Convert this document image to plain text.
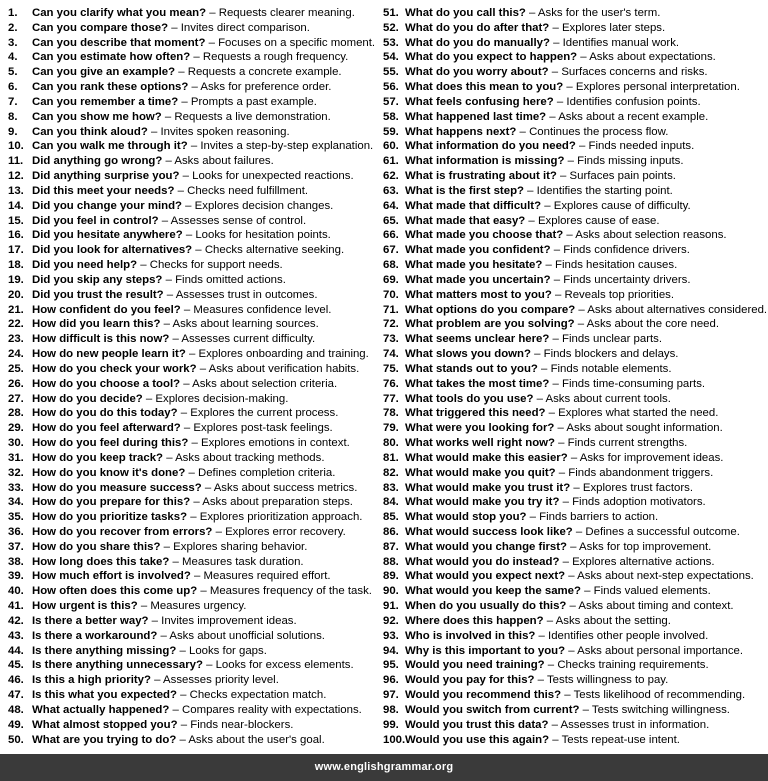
1. Can you clarify what you mean? – Requests clearer meaning.
2. Can you compare those? – Invites direct comparison.
3. Can you describe that moment? – Focuses on a specific moment.
4. Can you estimate how often? – Requests a rough frequency.
5. Can you give an example? – Requests a concrete example.
6. Can you rank these options? – Asks for preference order.
7. Can you remember a time? – Prompts a past example.
8. Can you show me how? – Requests a live demonstration.
9. Can you think aloud? – Invites spoken reasoning.
10. Can you walk me through it? – Invites a step-by-step explanation.
11. Did anything go wrong? – Asks about failures.
12. Did anything surprise you? – Looks for unexpected reactions.
13. Did this meet your needs? – Checks need fulfillment.
14. Did you change your mind? – Explores decision changes.
15. Did you feel in control? – Assesses sense of control.
16. Did you hesitate anywhere? – Looks for hesitation points.
17. Did you look for alternatives? – Checks alternative seeking.
18. Did you need help? – Checks for support needs.
19. Did you skip any steps? – Finds omitted actions.
20. Did you trust the result? – Assesses trust in outcomes.
21. How confident do you feel? – Measures confidence level.
22. How did you learn this? – Asks about learning sources.
23. How difficult is this now? – Assesses current difficulty.
24. How do new people learn it? – Explores onboarding and training.
25. How do you check your work? – Asks about verification habits.
26. How do you choose a tool? – Asks about selection criteria.
27. How do you decide? – Explores decision-making.
28. How do you do this today? – Explores the current process.
29. How do you feel afterward? – Explores post-task feelings.
30. How do you feel during this? – Explores emotions in context.
31. How do you keep track? – Asks about tracking methods.
32. How do you know it's done? – Defines completion criteria.
33. How do you measure success? – Asks about success metrics.
34. How do you prepare for this? – Asks about preparation steps.
35. How do you prioritize tasks? – Explores prioritization approach.
36. How do you recover from errors? – Explores error recovery.
37. How do you share this? – Explores sharing behavior.
38. How long does this take? – Measures task duration.
39. How much effort is involved? – Measures required effort.
40. How often does this come up? – Measures frequency of the task.
41. How urgent is this? – Measures urgency.
42. Is there a better way? – Invites improvement ideas.
43. Is there a workaround? – Asks about unofficial solutions.
44. Is there anything missing? – Looks for gaps.
45. Is there anything unnecessary? – Looks for excess elements.
46. Is this a high priority? – Assesses priority level.
47. Is this what you expected? – Checks expectation match.
48. What actually happened? – Compares reality with expectations.
49. What almost stopped you? – Finds near-blockers.
50. What are you trying to do? – Asks about the user's goal.
51. What do you call this? – Asks for the user's term.
52. What do you do after that? – Explores later steps.
53. What do you do manually? – Identifies manual work.
54. What do you expect to happen? – Asks about expectations.
55. What do you worry about? – Surfaces concerns and risks.
56. What does this mean to you? – Explores personal interpretation.
57. What feels confusing here? – Identifies confusion points.
58. What happened last time? – Asks about a recent example.
59. What happens next? – Continues the process flow.
60. What information do you need? – Finds needed inputs.
61. What information is missing? – Finds missing inputs.
62. What is frustrating about it? – Surfaces pain points.
63. What is the first step? – Identifies the starting point.
64. What made that difficult? – Explores cause of difficulty.
65. What made that easy? – Explores cause of ease.
66. What made you choose that? – Asks about selection reasons.
67. What made you confident? – Finds confidence drivers.
68. What made you hesitate? – Finds hesitation causes.
69. What made you uncertain? – Finds uncertainty drivers.
70. What matters most to you? – Reveals top priorities.
71. What options do you compare? – Asks about alternatives considered.
72. What problem are you solving? – Asks about the core need.
73. What seems unclear here? – Finds unclear parts.
74. What slows you down? – Finds blockers and delays.
75. What stands out to you? – Finds notable elements.
76. What takes the most time? – Finds time-consuming parts.
77. What tools do you use? – Asks about current tools.
78. What triggered this need? – Explores what started the need.
79. What were you looking for? – Asks about sought information.
80. What works well right now? – Finds current strengths.
81. What would make this easier? – Asks for improvement ideas.
82. What would make you quit? – Finds abandonment triggers.
83. What would make you trust it? – Explores trust factors.
84. What would make you try it? – Finds adoption motivators.
85. What would stop you? – Finds barriers to action.
86. What would success look like? – Defines a successful outcome.
87. What would you change first? – Asks for top improvement.
88. What would you do instead? – Explores alternative actions.
89. What would you expect next? – Asks about next-step expectations.
90. What would you keep the same? – Finds valued elements.
91. When do you usually do this? – Asks about timing and context.
92. Where does this happen? – Asks about the setting.
93. Who is involved in this? – Identifies other people involved.
94. Why is this important to you? – Asks about personal importance.
95. Would you need training? – Checks training requirements.
96. Would you pay for this? – Tests willingness to pay.
97. Would you recommend this? – Tests likelihood of recommending.
98. Would you switch from current? – Tests switching willingness.
99. Would you trust this data? – Assesses trust in information.
100.Would you use this again? – Tests repeat-use intent.
www.englishgrammar.org
